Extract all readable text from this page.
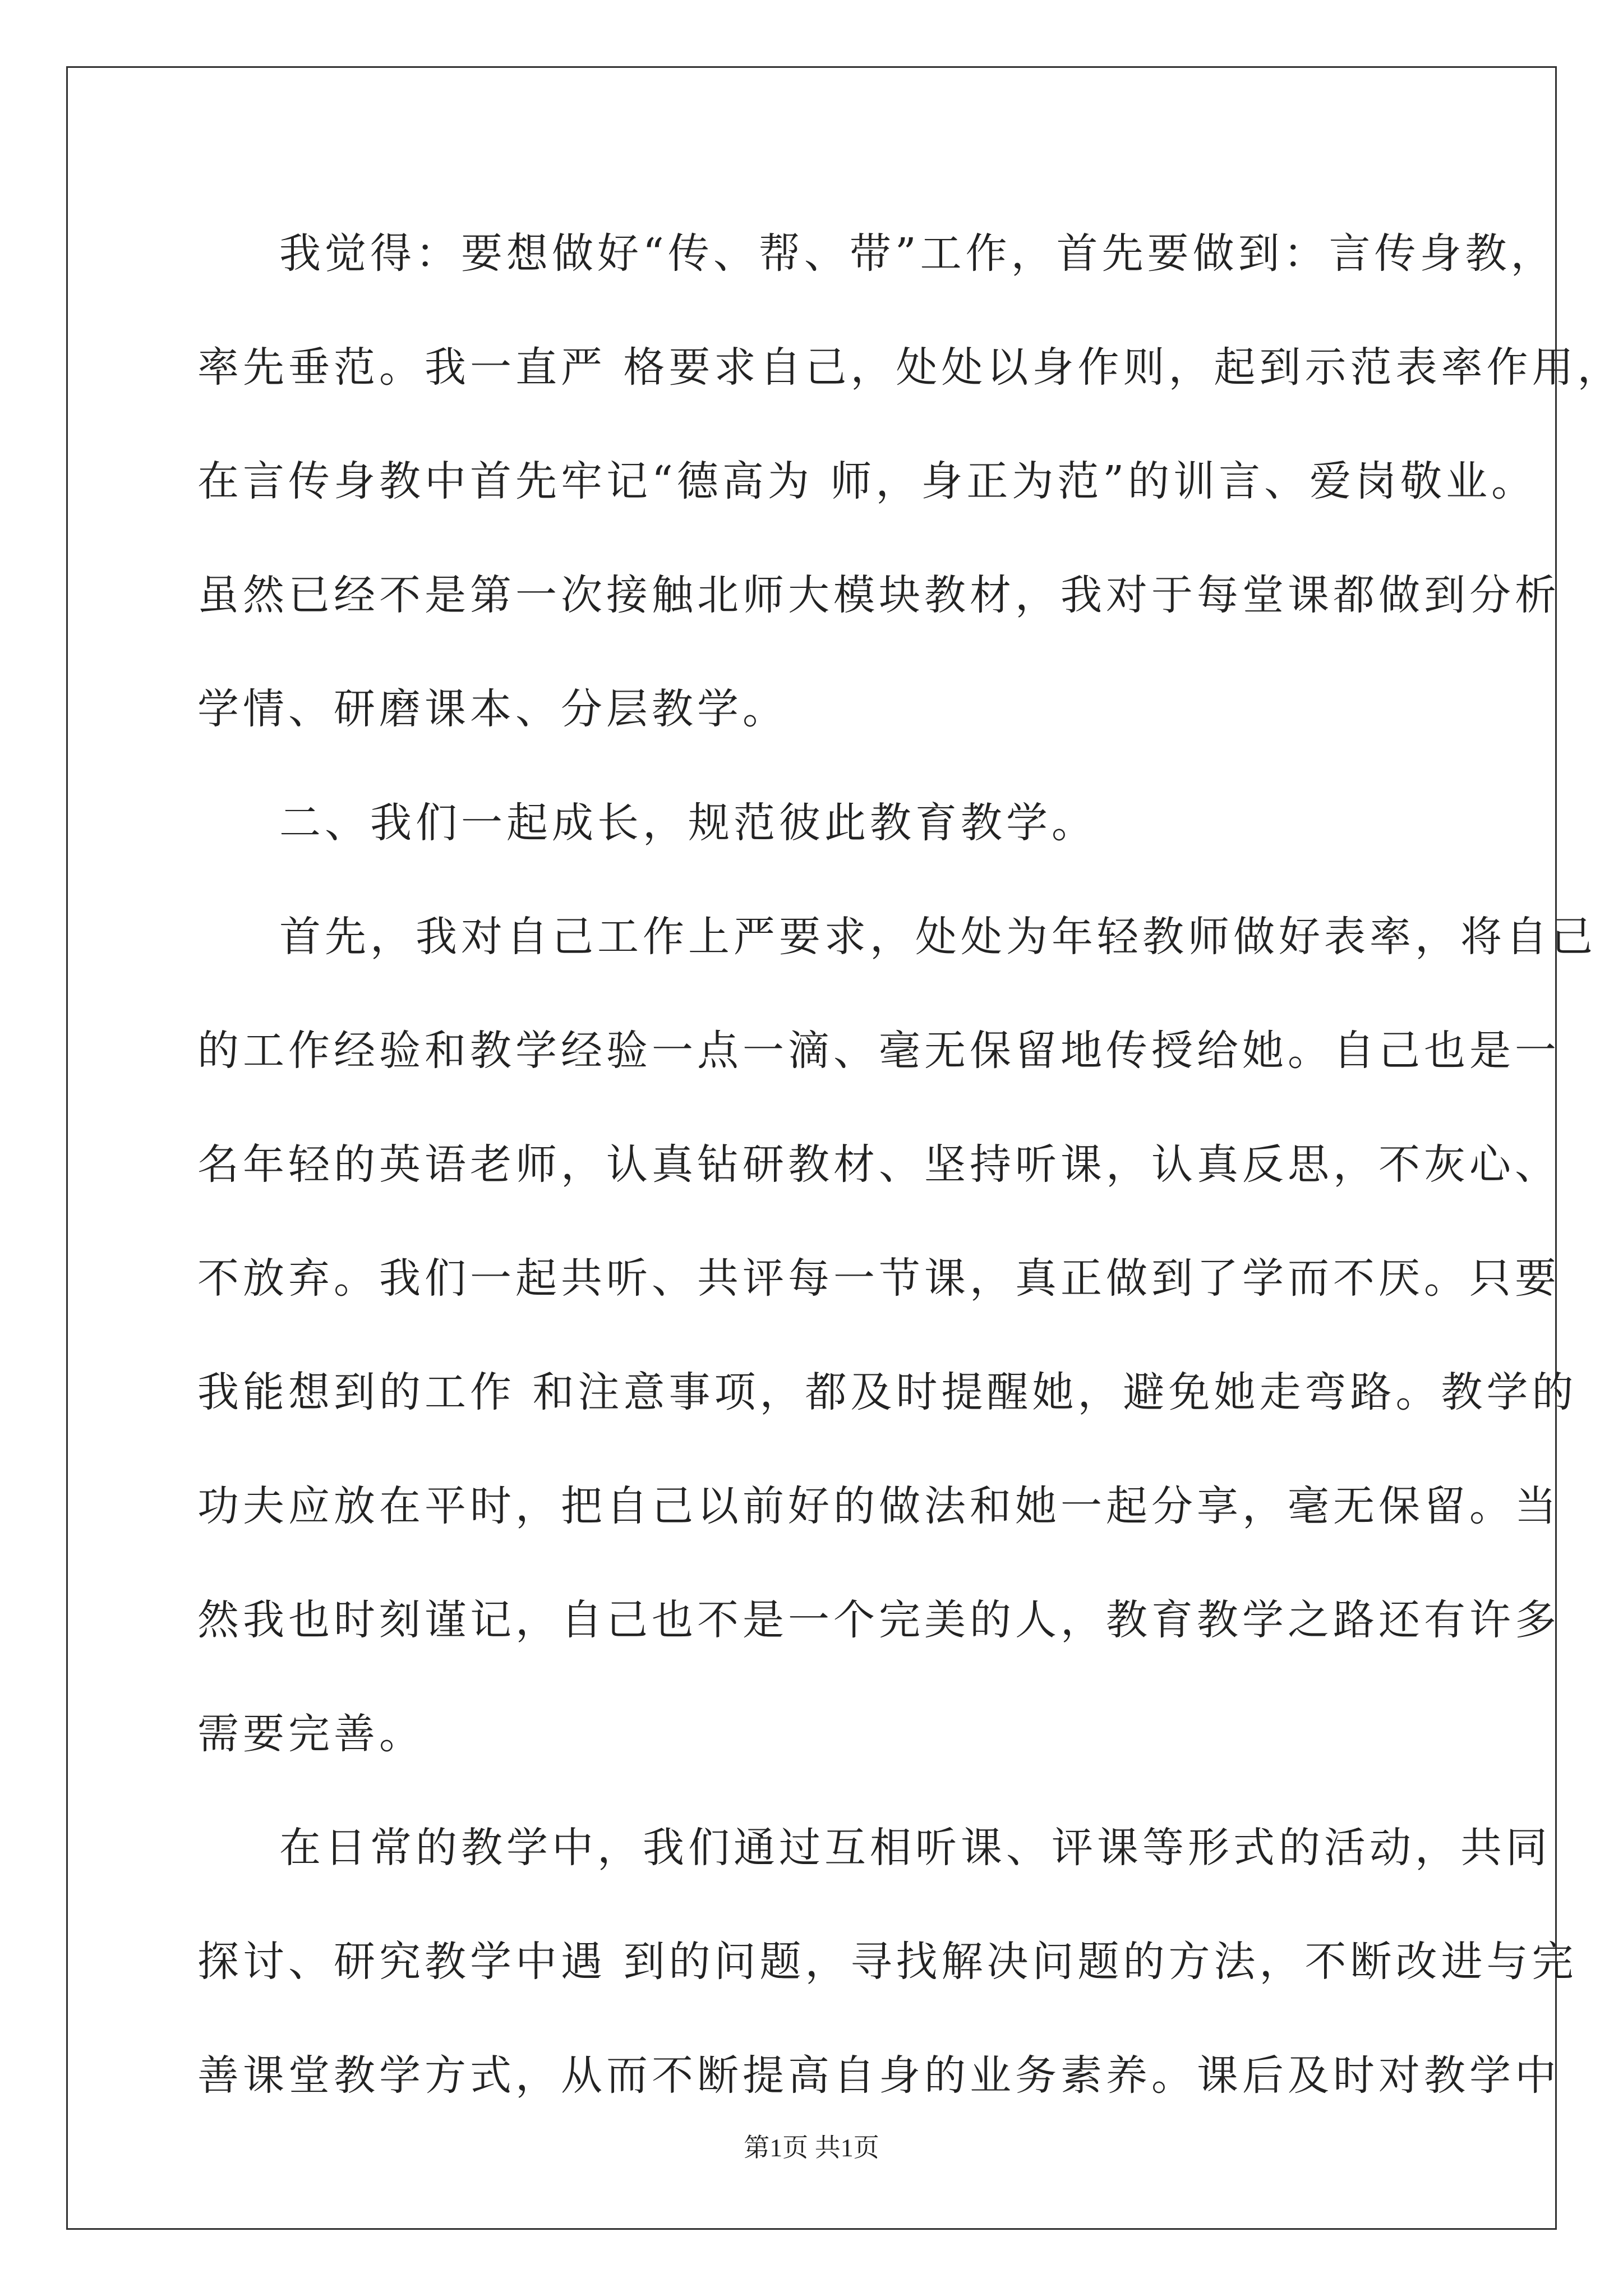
我觉得：要想做好“传、帮、带”工作，首先要做到：言传身教，
率先垂范。我一直严 格要求自己，处处以身作则，起到示范表率作用，
在言传身教中首先牢记“德高为 师，身正为范”的训言、爱岗敬业。
虽然已经不是第一次接触北师大模块教材，我对于每堂课都做到分析
学情、研磨课本、分层教学。
二、我们一起成长，规范彼此教育教学。
首先，我对自己工作上严要求，处处为年轻教师做好表率，将自己
的工作经验和教学经验一点一滴、毫无保留地传授给她。自己也是一
名年轻的英语老师，认真钻研教材、坚持听课，认真反思，不灰心、
不放弃。我们一起共听、共评每一节课，真正做到了学而不厌。只要
我能想到的工作 和注意事项，都及时提醒她，避免她走弯路。教学的
功夫应放在平时，把自己以前好的做法和她一起分享，毫无保留。当
然我也时刻谨记，自己也不是一个完美的人，教育教学之路还有许多
需要完善。
在日常的教学中，我们通过互相听课、评课等形式的活动，共同
探讨、研究教学中遇 到的问题，寻找解决问题的方法，不断改进与完
善课堂教学方式，从而不断提高自身的业务素养。课后及时对教学中
第1页 共1页
